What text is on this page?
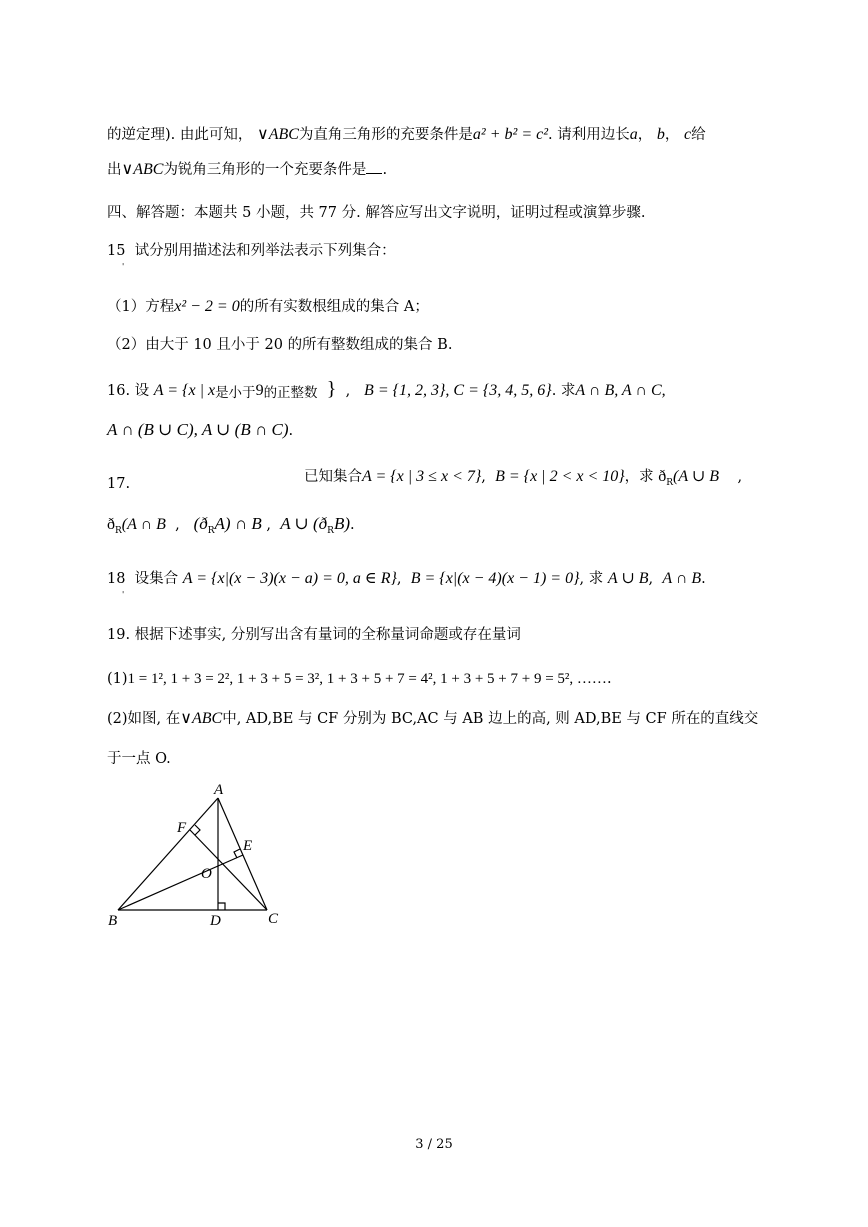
的逆定理). 由此可知， ∨ABC为直角三角形的充要条件是a² + b² = c². 请利用边长a， b， c给
出∨ABC为锐角三角形的一个充要条件是 .
四、解答题：本题共 5 小题，共 77 分. 解答应写出文字说明，证明过程或演算步骤.
15 试分别用描述法和列举法表示下列集合：
'
（1）方程x² − 2 = 0的所有实数根组成的集合 A；
（2）由大于 10 且小于 20 的所有整数组成的集合 B.
16. 设 A = {x | x是小于9的正整数 } , B = {1, 2, 3}, C = {3, 4, 5, 6}. 求A ∩ B, A ∩ C,
A ∩ (B ∪ C), A ∪ (B ∩ C).
17.	已知集合A = {x | 3 ≤ x < 7}, B = {x | 2 < x < 10}，求 $ð_R(A$ ∪ B ,
$ð_R(A$ ∩ B , $(ð_RA)$ ∩ B , A ∪ $(ð_RB)$.
18 设集合 A = {x|(x − 3)(x − a) = 0, a ∈ R}, B = {x|(x − 4)(x − 1) = 0}, 求 A ∪ B,  A ∩ B.
'
19. 根据下述事实, 分别写出含有量词的全称量词命题或存在量词
(1)1 = 1², 1 + 3 = 2², 1 + 3 + 5 = 3², 1 + 3 + 5 + 7 = 4², 1 + 3 + 5 + 7 + 9 = 5², …….
(2)如图, 在∨ABC中, AD,BE 与 CF 分别为 BC,AC 与 AB 边上的高, 则 AD,BE 与 CF 所在的直线交
于一点 O.
A
F
E
O
B	D	C
3 / 25
